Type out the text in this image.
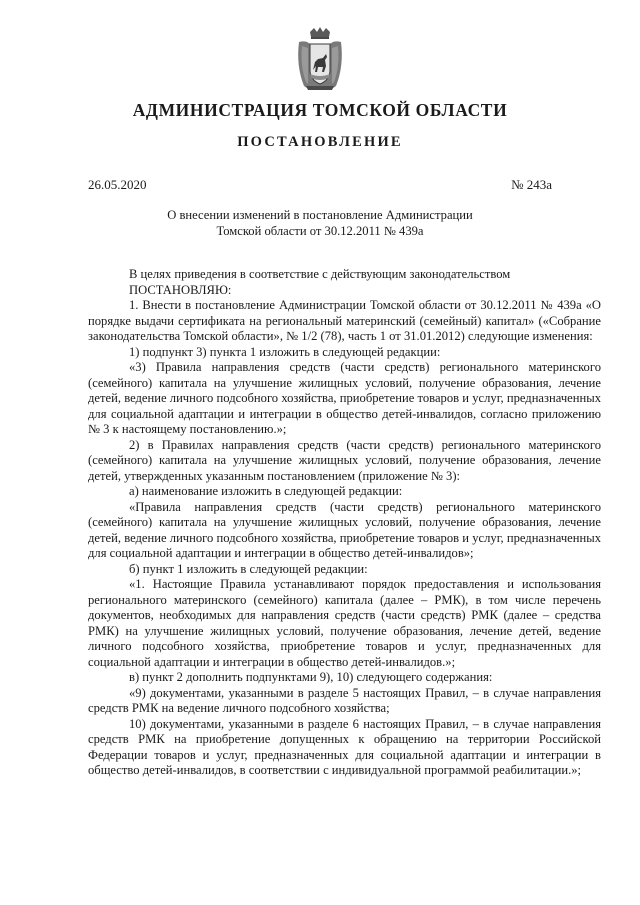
АДМИНИСТРАЦИЯ ТОМСКОЙ ОБЛАСТИ
ПОСТАНОВЛЕНИЕ
26.05.2020	№ 243а
О внесении изменений в постановление Администрации
Томской области от 30.12.2011 № 439а

В целях приведения в соответствие с действующим законодательством

ПОСТАНОВЛЯЮ:

1. Внести в постановление Администрации Томской области от 30.12.2011 № 439а «О порядке выдачи сертификата на региональный материнский (семейный) капитал» («Собрание законодательства Томской области», № 1/2 (78), часть 1 от 31.01.2012) следующие изменения:

1) подпункт 3) пункта 1 изложить в следующей редакции:

«3) Правила направления средств (части средств) регионального материнского (семейного) капитала на улучшение жилищных условий, получение образования, лечение детей, ведение личного подсобного хозяйства, приобретение товаров и услуг, предназначенных для социальной адаптации и интеграции в общество детей-инвалидов, согласно приложению № 3 к настоящему постановлению.»;

2) в Правилах направления средств (части средств) регионального материнского (семейного) капитала на улучшение жилищных условий, получение образования, лечение детей, утвержденных указанным постановлением (приложение № 3):

а) наименование изложить в следующей редакции:

«Правила направления средств (части средств) регионального материнского (семейного) капитала на улучшение жилищных условий, получение образования, лечение детей, ведение личного подсобного хозяйства, приобретение товаров и услуг, предназначенных для социальной адаптации и интеграции в общество детей-инвалидов»;

б) пункт 1 изложить в следующей редакции:

«1. Настоящие Правила устанавливают порядок предоставления и использования регионального материнского (семейного) капитала (далее – РМК), в том числе перечень документов, необходимых для направления средств (части средств) РМК (далее – средства РМК) на улучшение жилищных условий, получение образования, лечение детей, ведение личного подсобного хозяйства, приобретение товаров и услуг, предназначенных для социальной адаптации и интеграции в общество детей-инвалидов.»;

в) пункт 2 дополнить подпунктами 9), 10) следующего содержания:

«9) документами, указанными в разделе 5 настоящих Правил, – в случае направления средств РМК на ведение личного подсобного хозяйства;

10) документами, указанными в разделе 6 настоящих Правил, – в случае направления средств РМК на приобретение допущенных к обращению на территории Российской Федерации товаров и услуг, предназначенных для социальной адаптации и интеграции в общество детей-инвалидов, в соответствии с индивидуальной программой реабилитации.»;
